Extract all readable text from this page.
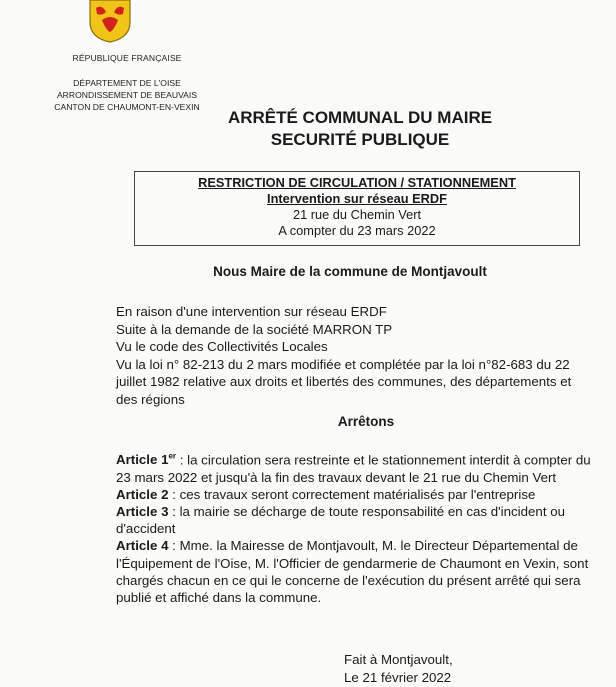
RÉPUBLIQUE FRANÇAISE
DÉPARTEMENT DE L'OISE
ARRONDISSEMENT DE BEAUVAIS
CANTON DE CHAUMONT-EN-VEXIN
ARRÊTÉ COMMUNAL DU MAIRE
SECURITÉ PUBLIQUE
RESTRICTION DE CIRCULATION / STATIONNEMENT
Intervention sur réseau ERDF
21 rue du Chemin Vert
A compter du 23 mars 2022
Nous Maire de la commune de Montjavoult
En raison d'une intervention sur réseau ERDF
Suite à la demande de la société MARRON TP
Vu le code des Collectivités Locales
Vu la loi n° 82-213 du 2 mars modifiée et complétée par la loi n°82-683 du 22 juillet 1982 relative aux droits et libertés des communes, des départements et des régions
Arrêtons

Article 1er : la circulation sera restreinte et le stationnement interdit à compter du 23 mars 2022 et jusqu'à la fin des travaux devant le 21 rue du Chemin Vert

Article 2 : ces travaux seront correctement matérialisés par l'entreprise

Article 3 : la mairie se décharge de toute responsabilité en cas d'incident ou d'accident

Article 4 : Mme. la Mairesse de Montjavoult, M. le Directeur Départemental de l'Équipement de l'Oise, M. l'Officier de gendarmerie de Chaumont en Vexin, sont chargés chacun en ce qui le concerne de l'exécution du présent arrêté qui sera publié et affiché dans la commune.

Fait à Montjavoult,
Le 21 février 2022
